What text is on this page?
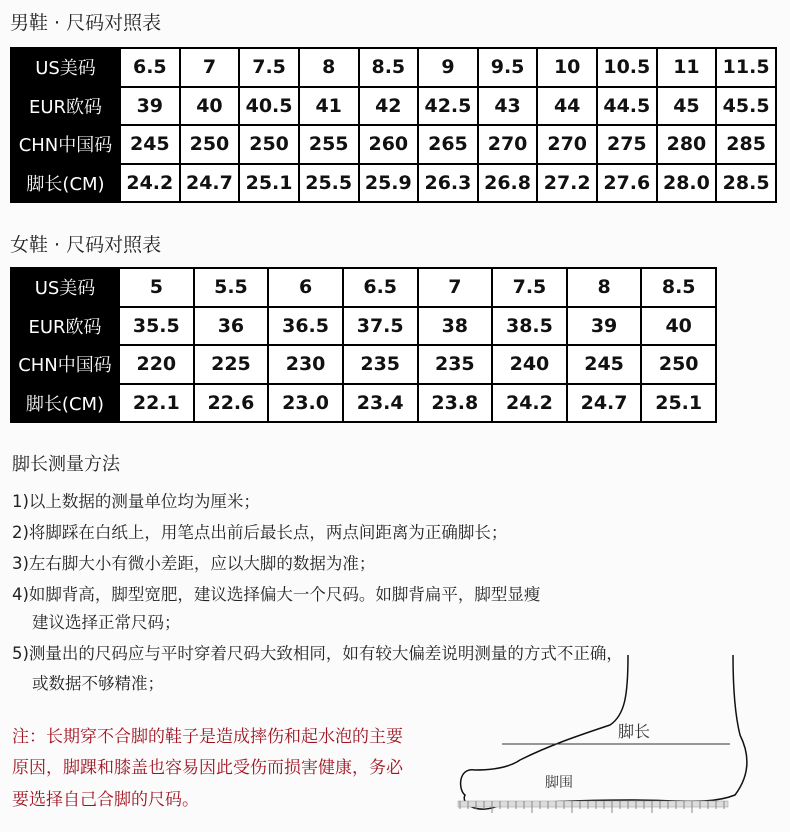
男鞋 · 尺码对照表
US美码	6.5	7	7.5	8	8.5	9	9.5	10	10.5	11	11.5
EUR欧码	39	40	40.5	41	42	42.5	43	44	44.5	45	45.5
CHN中国码	245	250	250	255	260	265	270	270	275	280	285
脚长(CM)	24.2	24.7	25.1	25.5	25.9	26.3	26.8	27.2	27.6	28.0	28.5
女鞋 · 尺码对照表
US美码	5	5.5	6	6.5	7	7.5	8	8.5
EUR欧码	35.5	36	36.5	37.5	38	38.5	39	40
CHN中国码	220	225	230	235	235	240	245	250
脚长(CM)	22.1	22.6	23.0	23.4	23.8	24.2	24.7	25.1
脚长测量方法
1)以上数据的测量单位均为厘米；
2)将脚踩在白纸上，用笔点出前后最长点，两点间距离为正确脚长；
3)左右脚大小有微小差距，应以大脚的数据为准；
4)如脚背高，脚型宽肥，建议选择偏大一个尺码。如脚背扁平，脚型显瘦
建议选择正常尺码；
5)测量出的尺码应与平时穿着尺码大致相同，如有较大偏差说明测量的方式不正确，
或数据不够精准；
注：长期穿不合脚的鞋子是造成摔伤和起水泡的主要
原因，脚踝和膝盖也容易因此受伤而损害健康，务必
要选择自己合脚的尺码。
脚长
脚围
